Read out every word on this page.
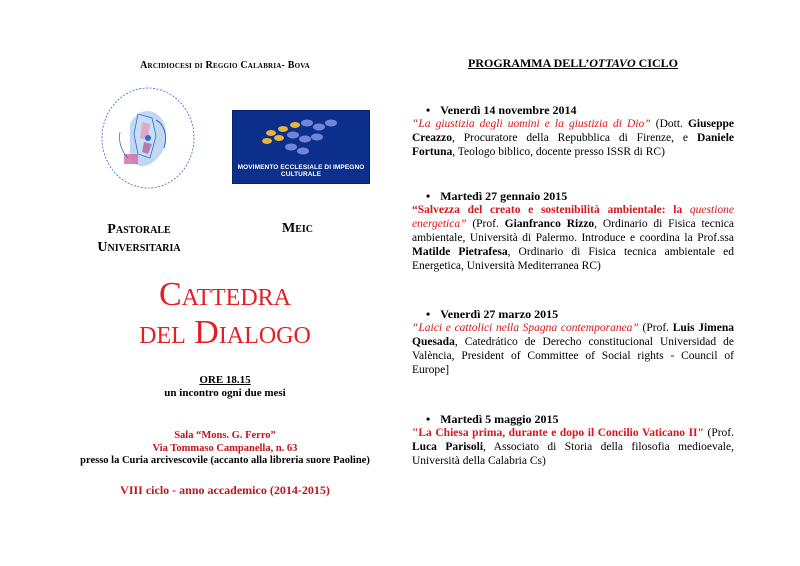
Arcidiocesi di Reggio Calabria- Bova
MOVIMENTO ECCLESIALE DI IMPEGNO CULTURALE
Pastorale
Universitaria
Meic
Cattedra
del Dialogo
ORE 18.15
un incontro ogni due mesi
Sala “Mons. G. Ferro”
Via Tommaso Campanella, n. 63
presso la Curia arcivescovile (accanto alla libreria suore Paoline)
VIII ciclo - anno accademico (2014-2015)
PROGRAMMA DELL’OTTAVO CICLO
• Venerdì 14 novembre 2014
“La giustizia degli uomini e la giustizia di Dio” (Dott. Giuseppe Creazzo, Procuratore della Repubblica di Firenze, e Daniele Fortuna, Teologo biblico, docente presso ISSR di RC)
• Martedì 27 gennaio 2015
“Salvezza del creato e sostenibilità ambientale: la questione energetica” (Prof. Gianfranco Rizzo, Ordinario di Fisica tecnica ambientale, Università di Palermo. Introduce e coordina la Prof.ssa Matilde Pietrafesa, Ordinario di Fisica tecnica ambientale ed Energetica, Università Mediterranea RC)
• Venerdì 27 marzo 2015
“Laici e cattolici nella Spagna contemporanea” (Prof. Luis Jimena Quesada, Catedrático de Derecho constitucional Universidad de València, President of Committee of Social rights - Council of Europe]
• Martedì 5 maggio 2015
"La Chiesa prima, durante e dopo il Concilio Vaticano II" (Prof. Luca Parisoli, Associato di Storia della filosofia medioevale, Università della Calabria Cs)
